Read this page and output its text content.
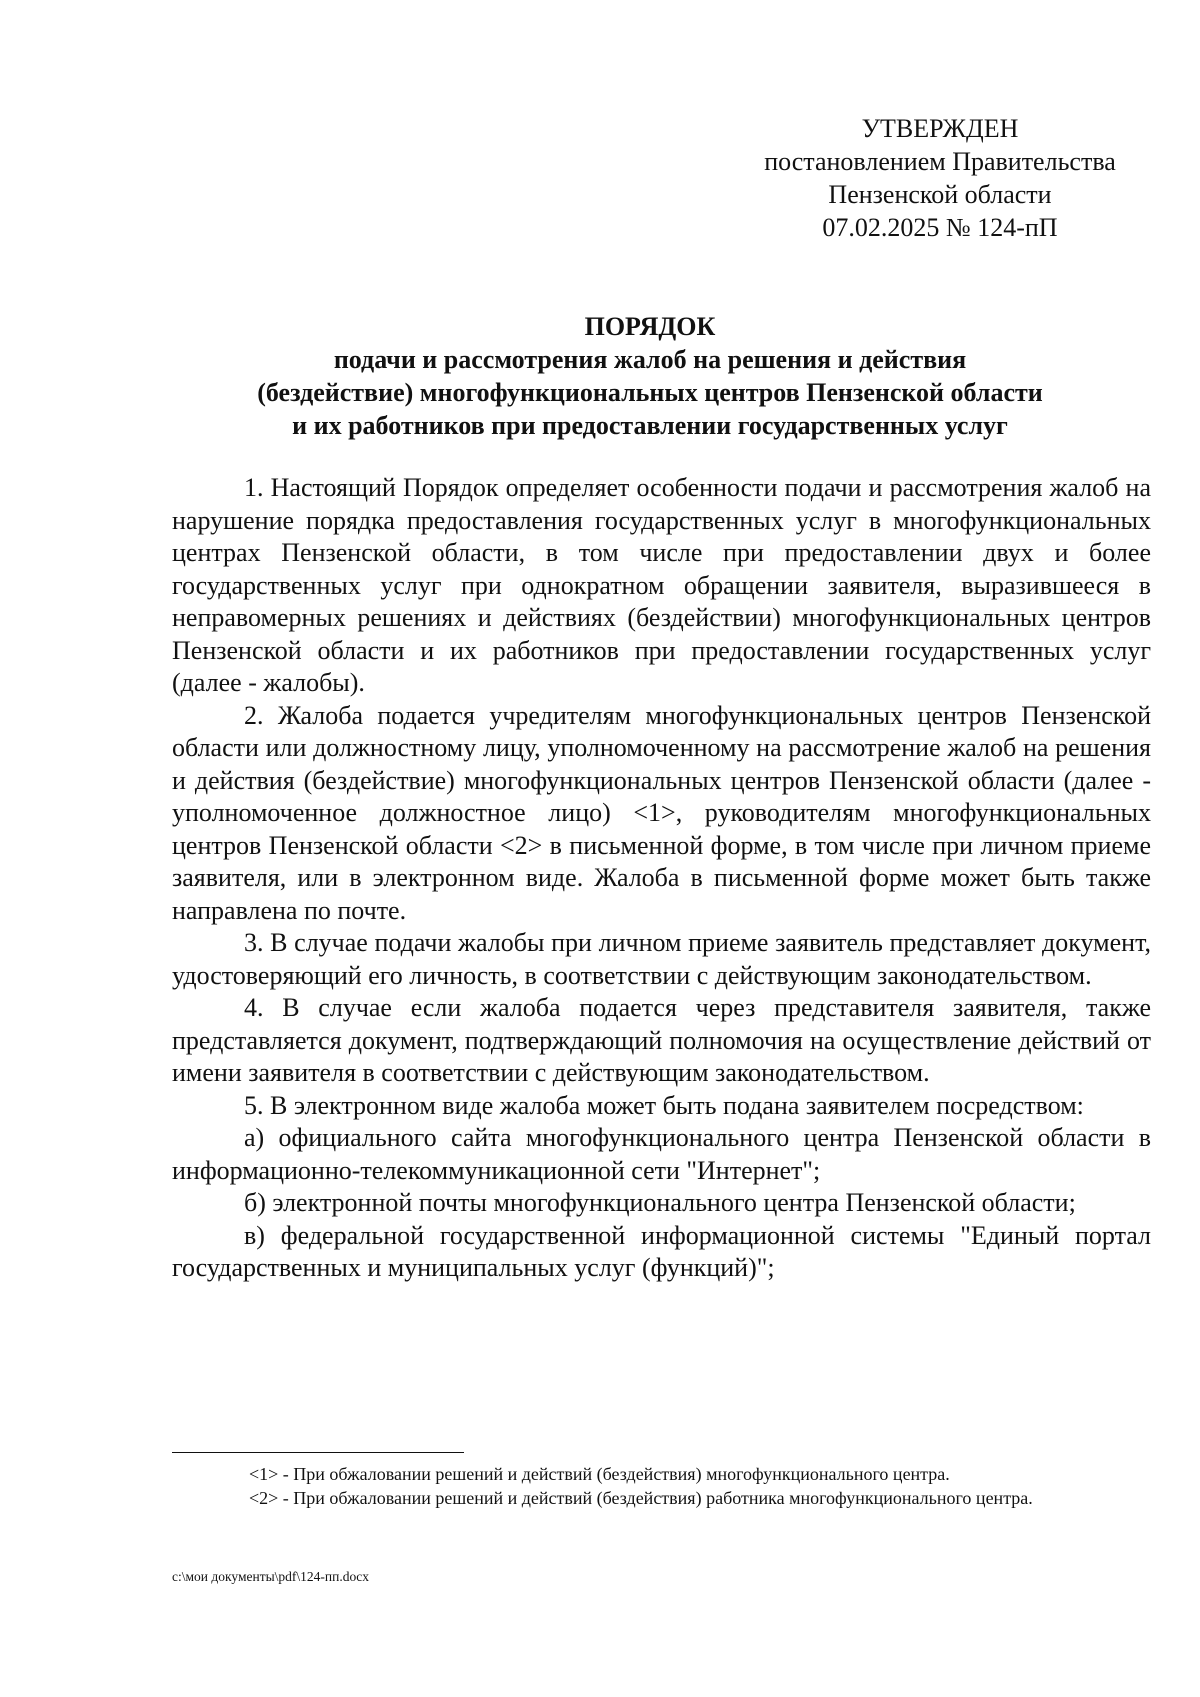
УТВЕРЖДЕН
постановлением Правительства
Пензенской области
07.02.2025 № 124-пП
ПОРЯДОК
подачи и рассмотрения жалоб на решения и действия
(бездействие) многофункциональных центров Пензенской области
и их работников при предоставлении государственных услуг

1. Настоящий Порядок определяет особенности подачи и рассмотрения жалоб на нарушение порядка предоставления государственных услуг в многофункциональных центрах Пензенской области, в том числе при предоставлении двух и более государственных услуг при однократном обращении заявителя, выразившееся в неправомерных решениях и действиях (бездействии) многофункциональных центров Пензенской области и их работников при предоставлении государственных услуг (далее - жалобы).

2. Жалоба подается учредителям многофункциональных центров Пензенской области или должностному лицу, уполномоченному на рассмотрение жалоб на решения и действия (бездействие) многофункциональных центров Пензенской области (далее - уполномоченное должностное лицо) <1>, руководителям многофункциональных центров Пензенской области <2> в письменной форме, в том числе при личном приеме заявителя, или в электронном виде. Жалоба в письменной форме может быть также направлена по почте.

3. В случае подачи жалобы при личном приеме заявитель представляет документ, удостоверяющий его личность, в соответствии с действующим законодательством.

4. В случае если жалоба подается через представителя заявителя, также представляется документ, подтверждающий полномочия на осуществление действий от имени заявителя в соответствии с действующим законодательством.

5. В электронном виде жалоба может быть подана заявителем посредством:

а) официального сайта многофункционального центра Пензенской области в информационно-телекоммуникационной сети "Интернет";

б) электронной почты многофункционального центра Пензенской области;

в) федеральной государственной информационной системы "Единый портал государственных и муниципальных услуг (функций)";

<1> - При обжаловании решений и действий (бездействия) многофункционального центра.

<2> - При обжаловании решений и действий (бездействия) работника многофункционального центра.

c:\мои документы\pdf\124-пп.docx
